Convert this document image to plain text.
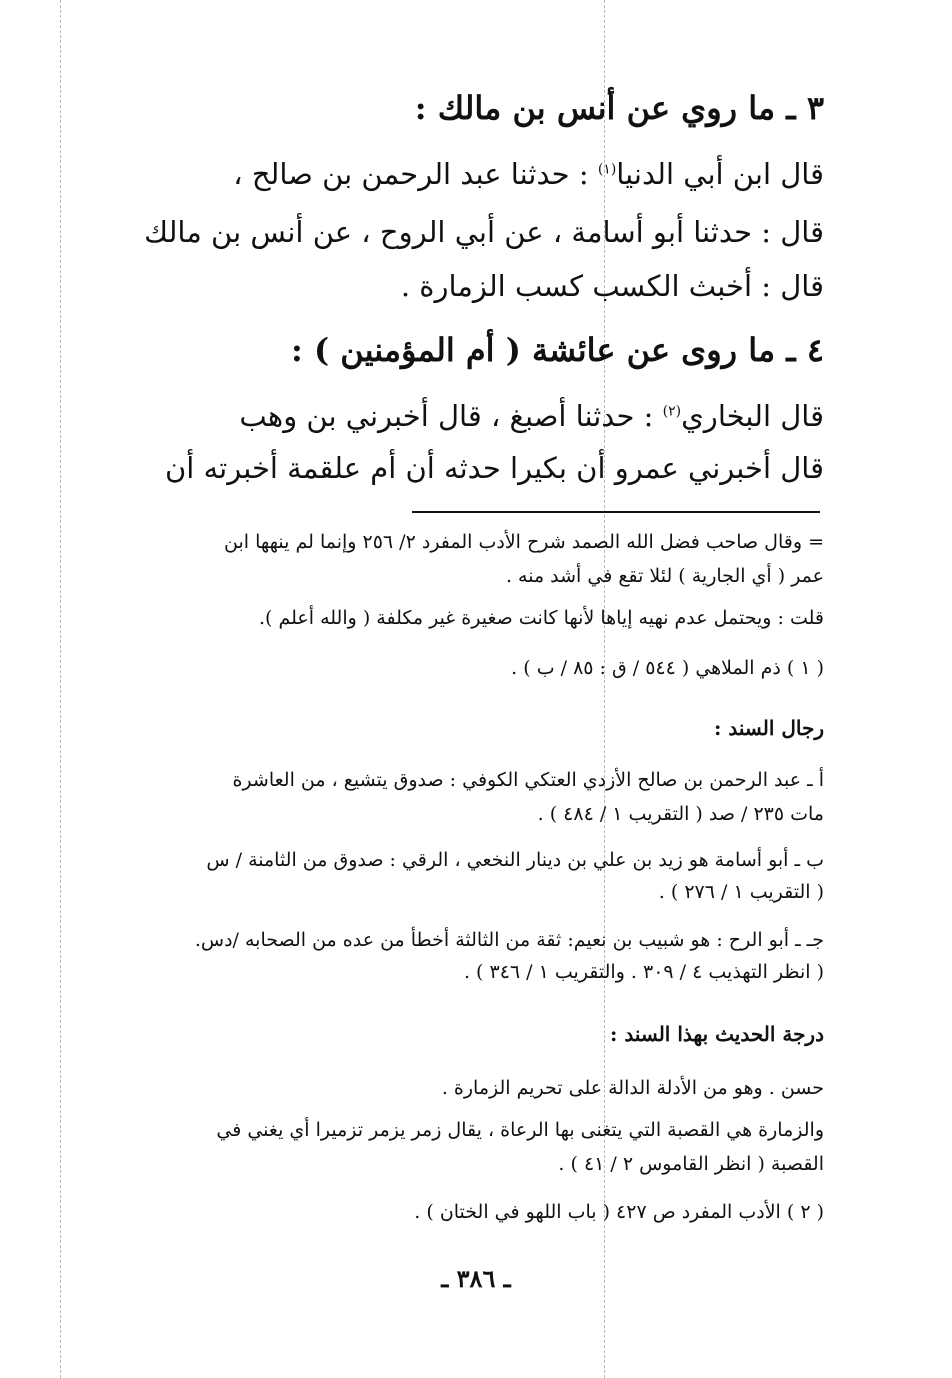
٣ ـ ما روي عن أنس بن مالك :
قال ابن أبي الدنيا$^{(١)}$ : حدثنا عبد الرحمن بن صالح ،
قال : حدثنا أبو أسامة ، عن أبي الروح ، عن أنس بن مالك
قال : أخبث الكسب كسب الزمارة .
٤ ـ ما روى عن عائشة ( أم المؤمنين ) :
قال البخاري$^{(٢)}$ : حدثنا أصبغ ، قال أخبرني بن وهب
قال أخبرني عمرو أن بكيرا حدثه أن أم علقمة أخبرته أن
= وقال صاحب فضل الله الصمد شرح الأدب المفرد ٢/ ٢٥٦ وإنما لم ينهها ابن
عمر ( أي الجارية ) لئلا تقع في أشد منه .
قلت : ويحتمل عدم نهيه إياها لأنها كانت صغيرة غير مكلفة ( والله أعلم ).
( ١ ) ذم الملاهي ( ٥٤٤ / ق : ٨٥ / ب ) .
رجال السند :
أ ـ عبد الرحمن بن صالح الأزدي العتكي الكوفي : صدوق يتشيع ، من العاشرة
مات ٢٣٥ / صد ( التقريب ١ / ٤٨٤ ) .
ب ـ أبو أسامة هو زيد بن علي بن دينار النخعي ، الرقي : صدوق من الثامنة / س
( التقريب ١ / ٢٧٦ ) .
جـ ـ أبو الرح : هو شبيب بن نعيم: ثقة من الثالثة أخطأ من عده من الصحابه /دس.
( انظر التهذيب ٤ / ٣٠٩ . والتقريب ١ / ٣٤٦ ) .
درجة الحديث بهذا السند :
حسن . وهو من الأدلة الدالة على تحريم الزمارة .
والزمارة هي القصبة التي يتغنى بها الرعاة ، يقال زمر يزمر تزميرا أي يغني في
القصبة ( انظر القاموس ٢ / ٤١ ) .
( ٢ ) الأدب المفرد ص ٤٢٧ ( باب اللهو في الختان ) .
ـ ٣٨٦ ـ
